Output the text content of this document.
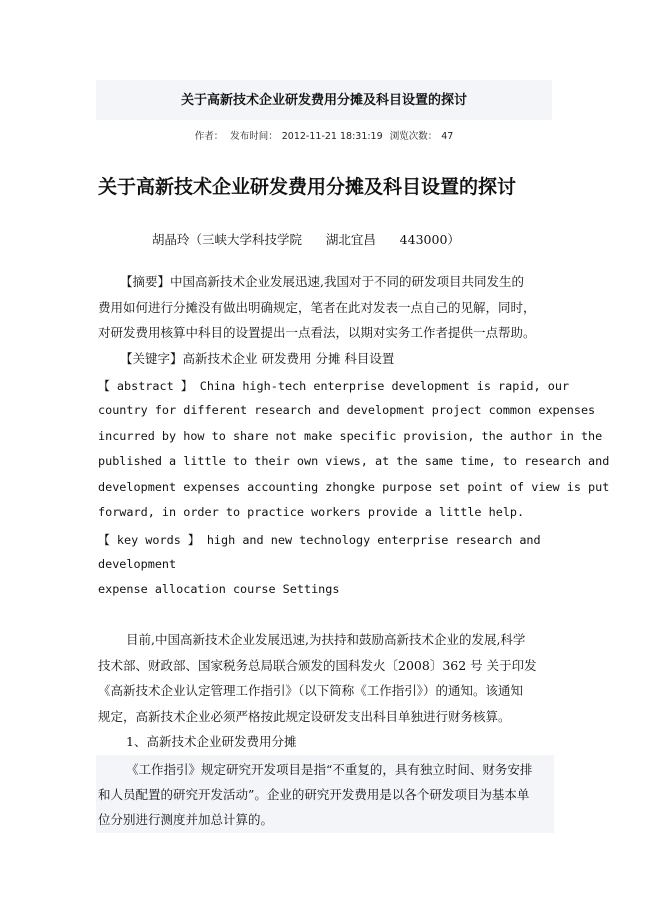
关于高新技术企业研发费用分摊及科目设置的探讨
作者： 发布时间： 2012-11-21 18:31:19 浏览次数： 47
关于高新技术企业研发费用分摊及科目设置的探讨
胡晶玲（三峡大学科技学院      湖北宜昌      443000）
【摘要】中国高新技术企业发展迅速,我国对于不同的研发项目共同发生的
费用如何进行分摊没有做出明确规定，笔者在此对发表一点自己的见解，同时，
对研发费用核算中科目的设置提出一点看法，以期对实务工作者提供一点帮助。
【关键字】高新技术企业 研发费用 分摊 科目设置
【 abstract 】 China high-tech enterprise development is rapid, our
country for different research and development project common expenses
incurred by how to share not make specific provision, the author in the
published a little to their own views, at the same time, to research and
development expenses accounting zhongke purpose set point of view is put
forward, in order to practice workers provide a little help.
【 key words 】 high and new technology enterprise research and
development
expense allocation course Settings
目前,中国高新技术企业发展迅速,为扶持和鼓励高新技术企业的发展,科学
技术部、财政部、国家税务总局联合颁发的国科发火〔2008〕362 号 关于印发
《高新技术企业认定管理工作指引》（以下简称《工作指引》）的通知。该通知
规定，高新技术企业必须严格按此规定设研发支出科目单独进行财务核算。
1、高新技术企业研发费用分摊
《工作指引》规定研究开发项目是指“不重复的，具有独立时间、财务安排
和人员配置的研究开发活动”。企业的研究开发费用是以各个研发项目为基本单
位分别进行测度并加总计算的。
